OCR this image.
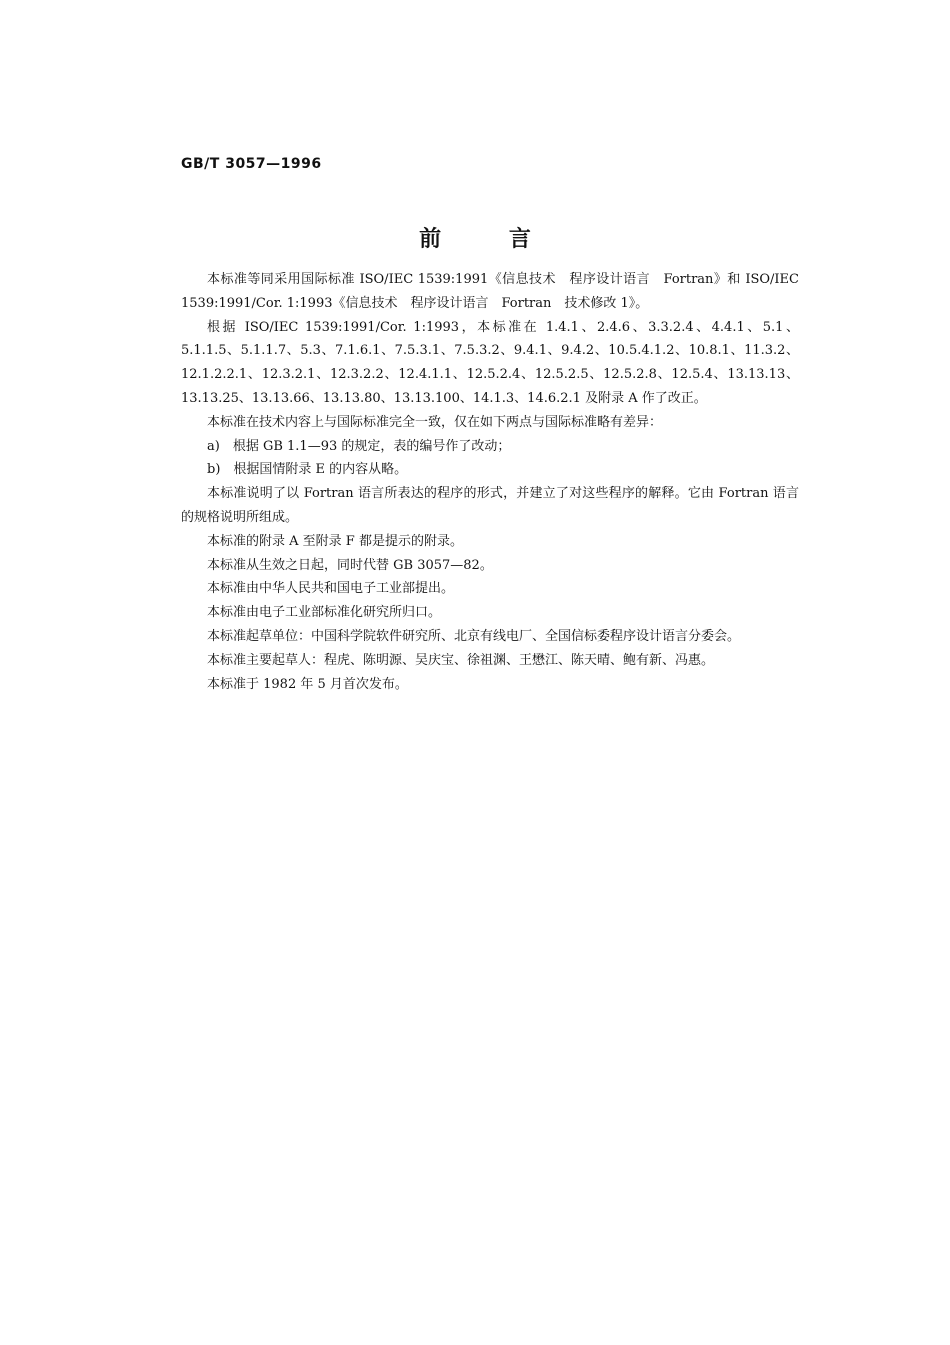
GB/T 3057—1996
前 言

本标准等同采用国际标准 ISO/IEC 1539:1991《信息技术　程序设计语言　Fortran》和 ISO/IEC 1539:1991/Cor. 1:1993《信息技术　程序设计语言　Fortran　技术修改 1》。

根据 ISO/IEC 1539:1991/Cor. 1:1993，本标准在 1.4.1、2.4.6、3.3.2.4、4.4.1、5.1、5.1.1.5、5.1.1.7、5.3、7.1.6.1、7.5.3.1、7.5.3.2、9.4.1、9.4.2、10.5.4.1.2、10.8.1、11.3.2、12.1.2.2.1、12.3.2.1、12.3.2.2、12.4.1.1、12.5.2.4、12.5.2.5、12.5.2.8、12.5.4、13.13.13、13.13.25、13.13.66、13.13.80、13.13.100、14.1.3、14.6.2.1 及附录 A 作了改正。

本标准在技术内容上与国际标准完全一致，仅在如下两点与国际标准略有差异：

a)　根据 GB 1.1—93 的规定，表的编号作了改动；

b)　根据国情附录 E 的内容从略。

本标准说明了以 Fortran 语言所表达的程序的形式，并建立了对这些程序的解释。它由 Fortran 语言的规格说明所组成。

本标准的附录 A 至附录 F 都是提示的附录。

本标准从生效之日起，同时代替 GB 3057—82。

本标准由中华人民共和国电子工业部提出。

本标准由电子工业部标准化研究所归口。

本标准起草单位：中国科学院软件研究所、北京有线电厂、全国信标委程序设计语言分委会。

本标准主要起草人：程虎、陈明源、吴庆宝、徐祖渊、王懋江、陈天晴、鲍有新、冯惠。

本标准于 1982 年 5 月首次发布。
